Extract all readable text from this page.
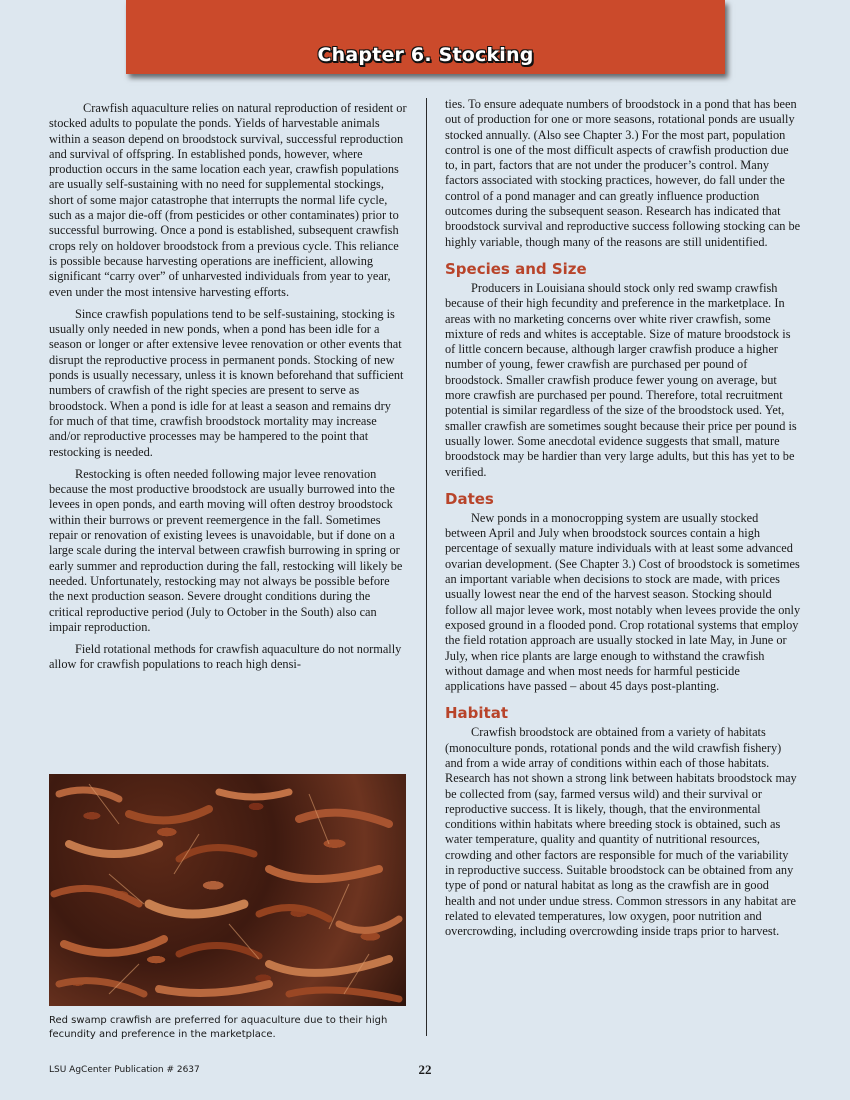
Chapter 6. Stocking

Crawfish aquaculture relies on natural reproduction of resident or stocked adults to populate the ponds. Yields of harvestable animals within a season depend on broodstock survival, successful reproduction and survival of offspring. In established ponds, however, where production occurs in the same location each year, crawfish populations are usually self-sustaining with no need for supplemental stockings, short of some major catastrophe that interrupts the normal life cycle, such as a major die-off (from pesticides or other contaminates) prior to successful burrowing. Once a pond is established, subsequent crawfish crops rely on holdover broodstock from a previous cycle. This reliance is possible because harvesting operations are inefficient, allowing significant “carry over” of unharvested individuals from year to year, even under the most intensive harvesting efforts.

Since crawfish populations tend to be self-sustaining, stocking is usually only needed in new ponds, when a pond has been idle for a season or longer or after extensive levee renovation or other events that disrupt the reproductive process in permanent ponds. Stocking of new ponds is usually necessary, unless it is known beforehand that sufficient numbers of crawfish of the right species are present to serve as broodstock. When a pond is idle for at least a season and remains dry for much of that time, crawfish broodstock mortality may increase and/or reproductive processes may be hampered to the point that restocking is needed.

Restocking is often needed following major levee renovation because the most productive broodstock are usually burrowed into the levees in open ponds, and earth moving will often destroy broodstock within their burrows or prevent reemergence in the fall. Sometimes repair or renovation of existing levees is unavoidable, but if done on a large scale during the interval between crawfish burrowing in spring or early summer and reproduction during the fall, restocking will likely be needed. Unfortunately, restocking may not always be possible before the next production season. Severe drought conditions during the critical reproductive period (July to October in the South) also can impair reproduction.

Field rotational methods for crawfish aquaculture do not normally allow for crawfish populations to reach high densi-

ties. To ensure adequate numbers of broodstock in a pond that has been out of production for one or more seasons, rotational ponds are usually stocked annually. (Also see Chapter 3.) For the most part, population control is one of the most difficult aspects of crawfish production due to, in part, factors that are not under the producer’s control. Many factors associated with stocking practices, however, do fall under the control of a pond manager and can greatly influence production outcomes during the subsequent season. Research has indicated that broodstock survival and reproductive success following stocking can be highly variable, though many of the reasons are still unidentified.

Species and Size

Producers in Louisiana should stock only red swamp crawfish because of their high fecundity and preference in the marketplace. In areas with no marketing concerns over white river crawfish, some mixture of reds and whites is acceptable. Size of mature broodstock is of little concern because, although larger crawfish produce a higher number of young, fewer crawfish are purchased per pound of broodstock. Smaller crawfish produce fewer young on average, but more crawfish are purchased per pound. Therefore, total recruitment potential is similar regardless of the size of the broodstock used. Yet, smaller crawfish are sometimes sought because their price per pound is usually lower. Some anecdotal evidence suggests that small, mature broodstock may be hardier than very large adults, but this has yet to be verified.

Dates

New ponds in a monocropping system are usually stocked between April and July when broodstock sources contain a high percentage of sexually mature individuals with at least some advanced ovarian development. (See Chapter 3.) Cost of broodstock is sometimes an important variable when decisions to stock are made, with prices usually lowest near the end of the harvest season. Stocking should follow all major levee work, most notably when levees provide the only exposed ground in a flooded pond. Crop rotational systems that employ the field rotation approach are usually stocked in late May, in June or July, when rice plants are large enough to withstand the crawfish without damage and when most needs for harmful pesticide applications have passed – about 45 days post-planting.

Habitat

Crawfish broodstock are obtained from a variety of habitats (monoculture ponds, rotational ponds and the wild crawfish fishery) and from a wide array of conditions within each of those habitats. Research has not shown a strong link between habitats broodstock may be collected from (say, farmed versus wild) and their survival or reproductive success. It is likely, though, that the environmental conditions within habitats where breeding stock is obtained, such as water temperature, quality and quantity of nutritional resources, crowding and other factors are responsible for much of the variability in reproductive success. Suitable broodstock can be obtained from any type of pond or natural habitat as long as the crawfish are in good health and not under undue stress. Common stressors in any habitat are related to elevated temperatures, low oxygen, poor nutrition and overcrowding, including overcrowding inside traps prior to harvest.

Red swamp crawfish are preferred for aquaculture due to their high fecundity and preference in the marketplace.
LSU AgCenter Publication # 2637	22
